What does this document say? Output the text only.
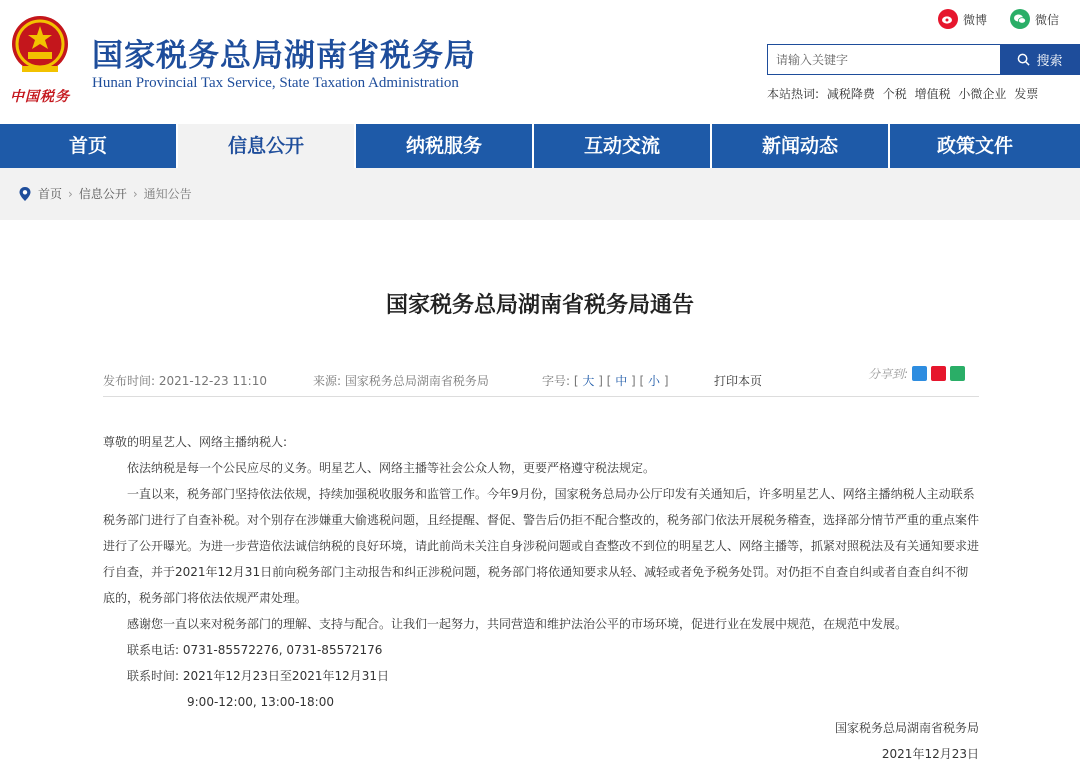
中国税务
国家税务总局湖南省税务局
Hunan Provincial Tax Service, State Taxation Administration
微博	微信
请输入关键字
搜索
本站热词: 减税降费 个税 增值税 小微企业 发票
首页	信息公开	纳税服务	互动交流	新闻动态	政策文件
首页 › 信息公开 › 通知公告
国家税务总局湖南省税务局通告
发布时间: 2021-12-23 11:10	来源: 国家税务总局湖南省税务局	字号: [ 大 ] [ 中 ] [ 小 ]	打印本页	分享到:

尊敬的明星艺人、网络主播纳税人:

依法纳税是每一个公民应尽的义务。明星艺人、网络主播等社会公众人物，更要严格遵守税法规定。

一直以来，税务部门坚持依法依规，持续加强税收服务和监管工作。今年9月份，国家税务总局办公厅印发有关通知后，许多明星艺人、网络主播纳税人主动联系税务部门进行了自查补税。对个别存在涉嫌重大偷逃税问题，且经提醒、督促、警告后仍拒不配合整改的，税务部门依法开展税务稽查，选择部分情节严重的重点案件进行了公开曝光。为进一步营造依法诚信纳税的良好环境，请此前尚未关注自身涉税问题或自查整改不到位的明星艺人、网络主播等，抓紧对照税法及有关通知要求进行自查，并于2021年12月31日前向税务部门主动报告和纠正涉税问题，税务部门将依通知要求从轻、减轻或者免予税务处罚。对仍拒不自查自纠或者自查自纠不彻底的，税务部门将依法依规严肃处理。

感谢您一直以来对税务部门的理解、支持与配合。让我们一起努力，共同营造和维护法治公平的市场环境，促进行业在发展中规范，在规范中发展。

联系电话: 0731-85572276, 0731-85572176

联系时间: 2021年12月23日至2021年12月31日

9:00-12:00, 13:00-18:00

国家税务总局湖南省税务局

2021年12月23日
